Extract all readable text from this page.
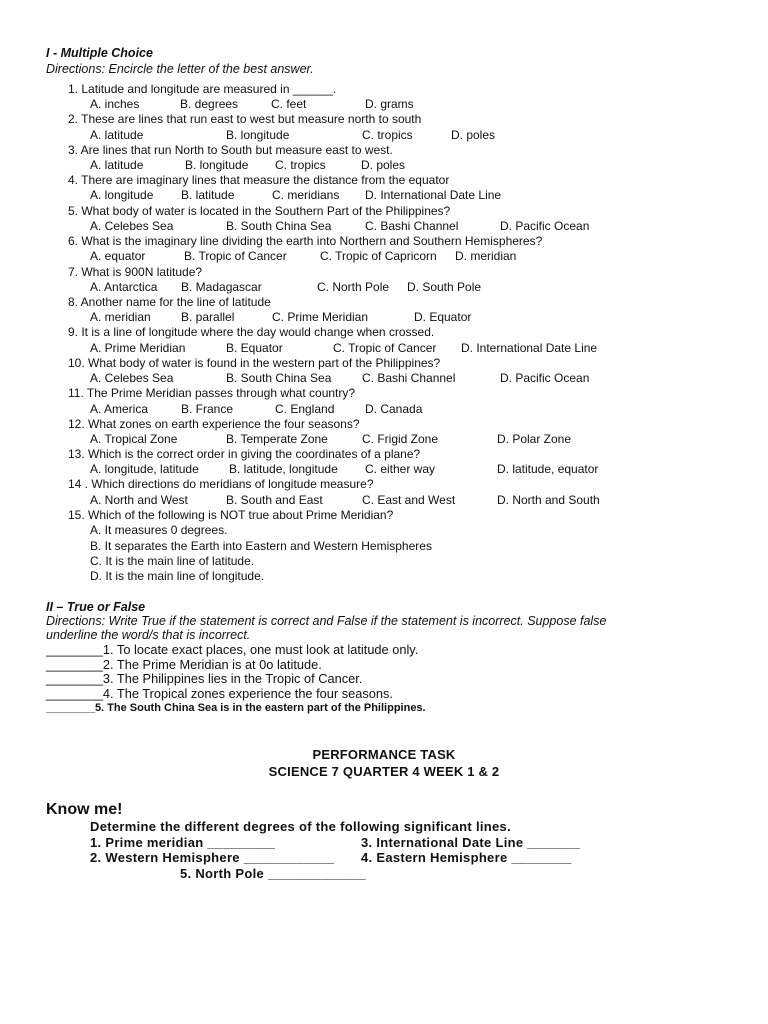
I - Multiple Choice
Directions: Encircle the letter of the best answer.
1. Latitude and longitude are measured in ______.
A. inches	B. degrees	C. feet	D. grams
2. These are lines that run east to west but measure north to south
A. latitude	B. longitude	C. tropics	D. poles
3. Are lines that run North to South but measure east to west.
A. latitude	B. longitude C. tropics	D. poles
4. There are imaginary lines that measure the distance from the equator
A. longitude B. latitude	C. meridians D. International Date Line
5. What body of water is located in the Southern Part of the Philippines?
A. Celebes Sea	B. South China Sea	C. Bashi Channel	D. Pacific Ocean
6. What is the imaginary line dividing the earth into Northern and Southern Hemispheres?
A. equator	B. Tropic of Cancer	C. Tropic of Capricorn D. meridian
7. What is 900N latitude?
A. Antarctica B. Madagascar	C. North Pole D. South Pole
8. Another name for the line of latitude
A. meridian	B. parallel	C. Prime Meridian	D. Equator
9. It is a line of longitude where the day would change when crossed.
A. Prime Meridian	B. Equator	C. Tropic of Cancer D. International Date Line
10. What body of water is found in the western part of the Philippines?
A. Celebes Sea	B. South China Sea	C. Bashi Channel	D. Pacific Ocean
11. The Prime Meridian passes through what country?
A. America	B. France	C. England	D. Canada
12. What zones on earth experience the four seasons?
A. Tropical Zone	B. Temperate Zone	C. Frigid Zone	D. Polar Zone
13. Which is the correct order in giving the coordinates of a plane?
A. longitude, latitude	B. latitude, longitude C. either way	D. latitude, equator
14 . Which directions do meridians of longitude measure?
A. North and West	B. South and East	C. East and West	D. North and South
15. Which of the following is NOT true about Prime Meridian?
A. It measures 0 degrees.
B. It separates the Earth into Eastern and Western Hemispheres
C. It is the main line of latitude.
D. It is the main line of longitude.
II – True or False
Directions: Write True if the statement is correct and False if the statement is incorrect. Suppose false
underline the word/s that is incorrect.
________1. To locate exact places, one must look at latitude only.
________2. The Prime Meridian is at 0o latitude.
________3. The Philippines lies in the Tropic of Cancer.
________4. The Tropical zones experience the four seasons.
________5. The South China Sea is in the eastern part of the Philippines.
PERFORMANCE TASK
SCIENCE 7 QUARTER 4 WEEK 1 & 2
Know me!
Determine the different degrees of the following significant lines.
1. Prime meridian _________	3. International Date Line _______
2. Western Hemisphere ____________ 4. Eastern Hemisphere ________
5. North Pole _____________
